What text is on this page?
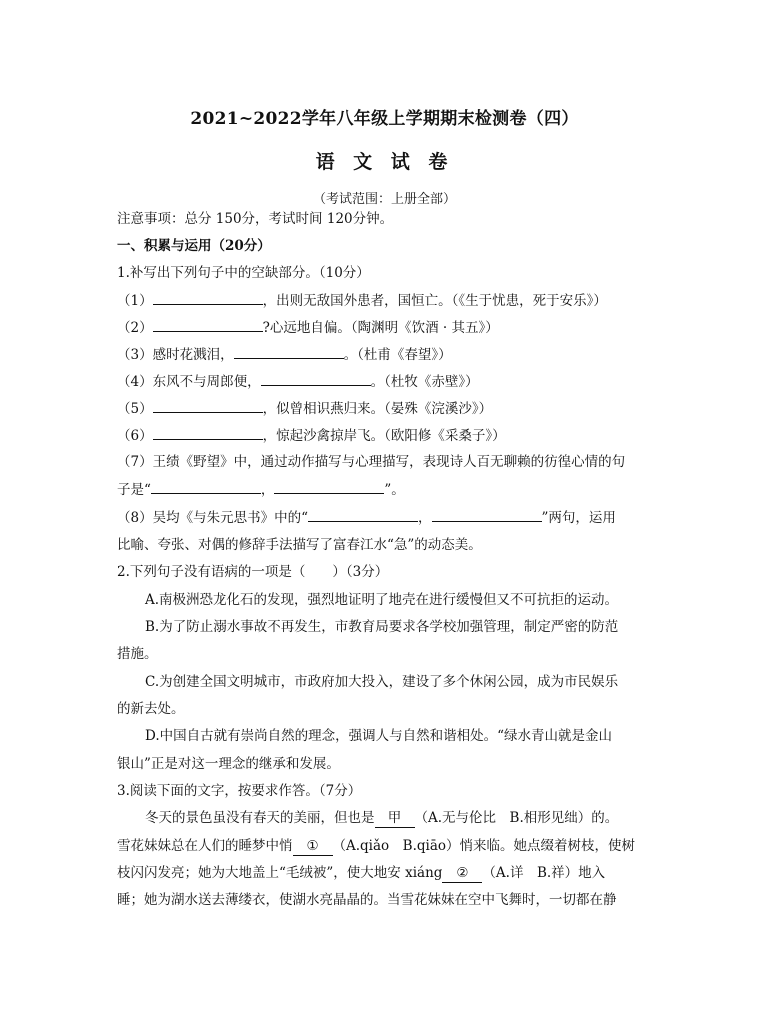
2021~2022学年八年级上学期期末检测卷（四）
语 文 试 卷
（考试范围：上册全部）
注意事项：总分 150分，考试时间 120分钟。
一、积累与运用（20分）
1.补写出下列句子中的空缺部分。（10分）
（1）	，出则无敌国外患者，国恒亡。（《生于忧患，死于安乐》）
（2）	?心远地自偏。（陶渊明《饮酒 · 其五》）
（3）感时花溅泪，	。（杜甫《春望》）
（4）东风不与周郎便，	。（杜牧《赤壁》）
（5）	，似曾相识燕归来。（晏殊《浣溪沙》）
（6）	，惊起沙禽掠岸飞。（欧阳修《采桑子》）
（7）王绩《野望》中，通过动作描写与心理描写，表现诗人百无聊赖的彷徨心情的句
子是“	，	”。
（8）吴均《与朱元思书》中的“	，	”两句，运用
比喻、夸张、对偶的修辞手法描写了富春江水“急”的动态美。
2.下列句子没有语病的一项是（　　）（3分）
A.南极洲恐龙化石的发现，强烈地证明了地壳在进行缓慢但又不可抗拒的运动。
B.为了防止溺水事故不再发生，市教育局要求各学校加强管理，制定严密的防范
措施。
C.为创建全国文明城市，市政府加大投入，建设了多个休闲公园，成为市民娱乐
的新去处。
D.中国自古就有崇尚自然的理念，强调人与自然和谐相处。“绿水青山就是金山
银山”正是对这一理念的继承和发展。
3.阅读下面的文字，按要求作答。（7分）
冬天的景色虽没有春天的美丽，但也是 甲 （A.无与伦比　B.相形见绌）的。
雪花妹妹总在人们的睡梦中悄 ① （A.qiǎo　B.qiāo）悄来临。她点缀着树枝，使树
枝闪闪发亮；她为大地盖上“毛绒被”，使大地安 xiáng ② （A.详　B.祥）地入
睡；她为湖水送去薄缕衣，使湖水亮晶晶的。当雪花妹妹在空中飞舞时，一切都在静
